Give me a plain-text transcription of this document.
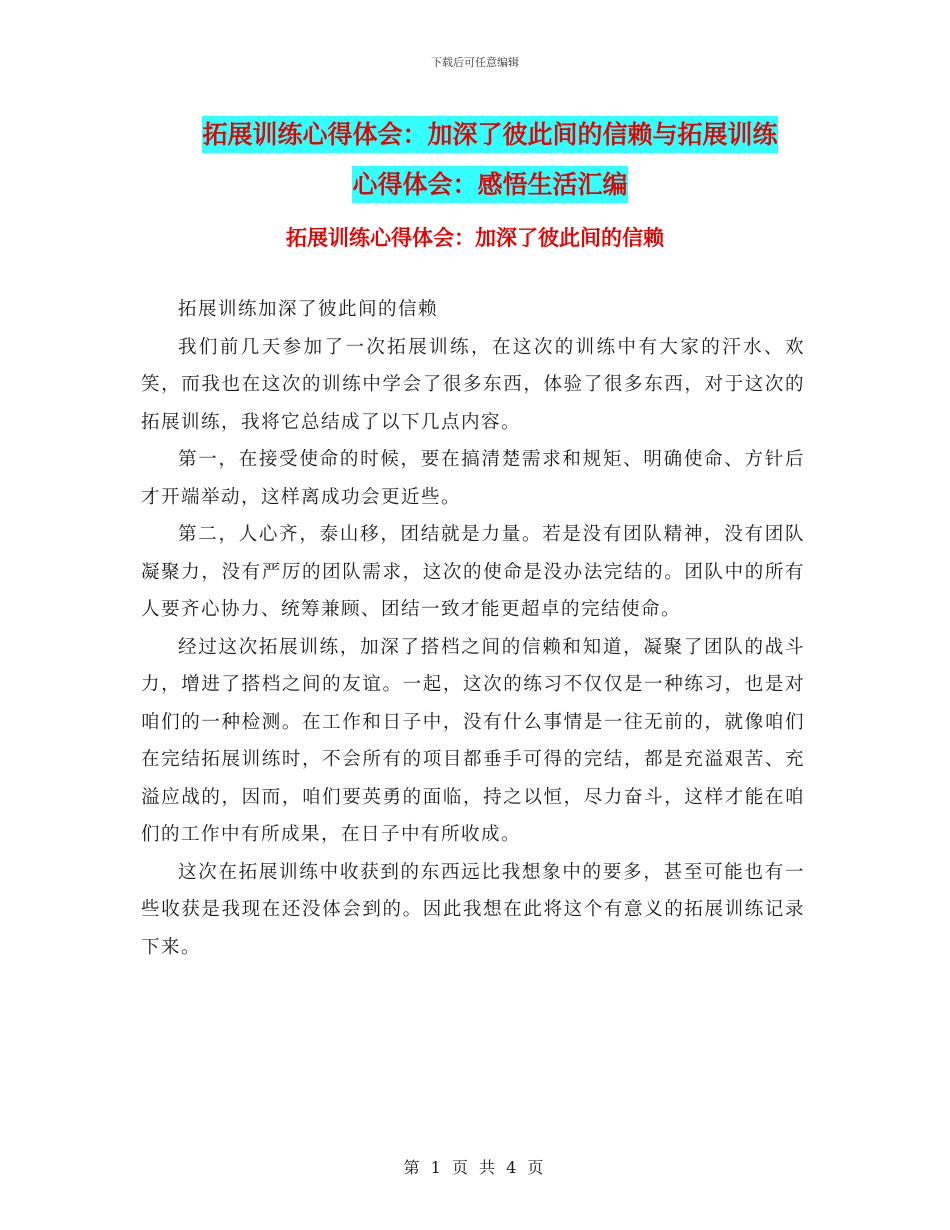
下载后可任意编辑
拓展训练心得体会：加深了彼此间的信赖与拓展训练
心得体会：感悟生活汇编
拓展训练心得体会：加深了彼此间的信赖

拓展训练加深了彼此间的信赖

我们前几天参加了一次拓展训练，在这次的训练中有大家的汗水、欢笑，而我也在这次的训练中学会了很多东西，体验了很多东西，对于这次的拓展训练，我将它总结成了以下几点内容。

第一，在接受使命的时候，要在搞清楚需求和规矩、明确使命、方针后才开端举动，这样离成功会更近些。

第二，人心齐，泰山移，团结就是力量。若是没有团队精神，没有团队凝聚力，没有严厉的团队需求，这次的使命是没办法完结的。团队中的所有人要齐心协力、统筹兼顾、团结一致才能更超卓的完结使命。

经过这次拓展训练，加深了搭档之间的信赖和知道，凝聚了团队的战斗力，增进了搭档之间的友谊。一起，这次的练习不仅仅是一种练习，也是对咱们的一种检测。在工作和日子中，没有什么事情是一往无前的，就像咱们在完结拓展训练时，不会所有的项目都垂手可得的完结，都是充溢艰苦、充溢应战的，因而，咱们要英勇的面临，持之以恒，尽力奋斗，这样才能在咱们的工作中有所成果，在日子中有所收成。

这次在拓展训练中收获到的东西远比我想象中的要多，甚至可能也有一些收获是我现在还没体会到的。因此我想在此将这个有意义的拓展训练记录下来。

第 1 页 共 4 页
